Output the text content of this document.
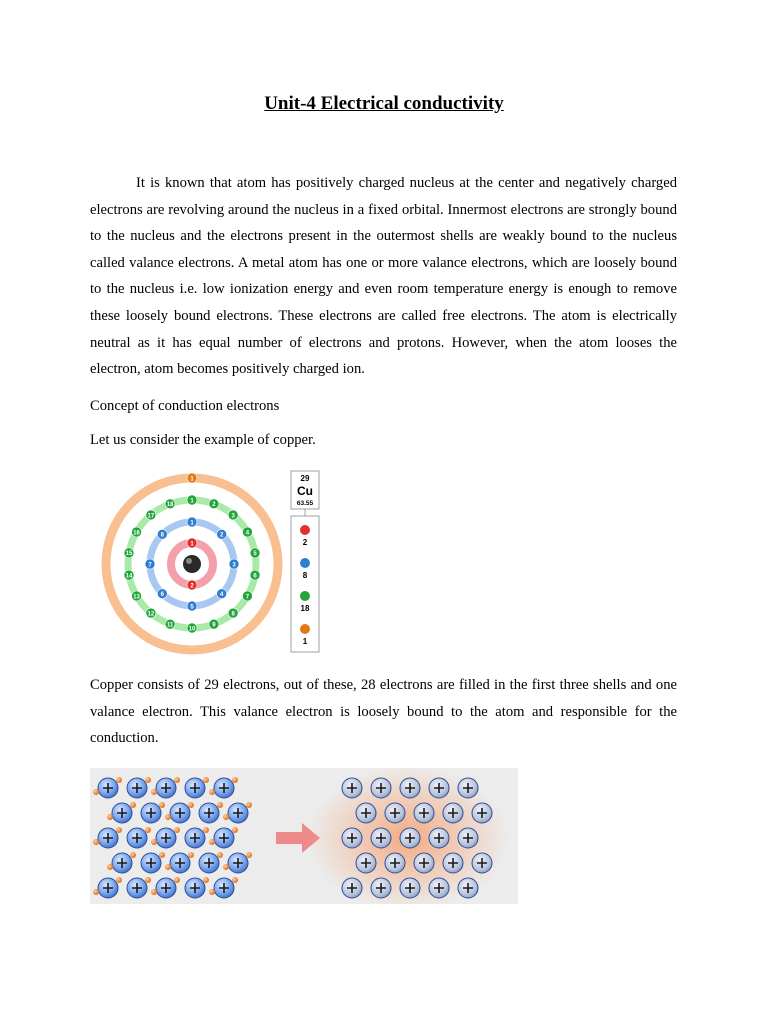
Unit-4 Electrical conductivity

It is known that atom has positively charged nucleus at the center and negatively charged electrons are revolving around the nucleus in a fixed orbital. Innermost electrons are strongly bound to the nucleus and the electrons present in the outermost shells are weakly bound to the nucleus called valance electrons. A metal atom has one or more valance electrons, which are loosely bound to the nucleus i.e. low ionization energy and even room temperature energy is enough to remove these loosely bound electrons. These electrons are called free electrons. The atom is electrically neutral as it has equal number of electrons and protons. However, when the atom looses the electron, atom becomes positively charged ion.

Concept of conduction electrons

Let us consider the example of copper.

1
2
1
2
3
4
5
6
7
8
1
2
3
4
5
6
7
8
9
10
11
12
13
14
15
16
17
18
1	29
Cu
63.55
2
8
18
1

Copper consists of 29 electrons, out of these, 28 electrons are filled in the first three shells and one valance electron. This valance electron is loosely bound to the atom and responsible for the conduction.
